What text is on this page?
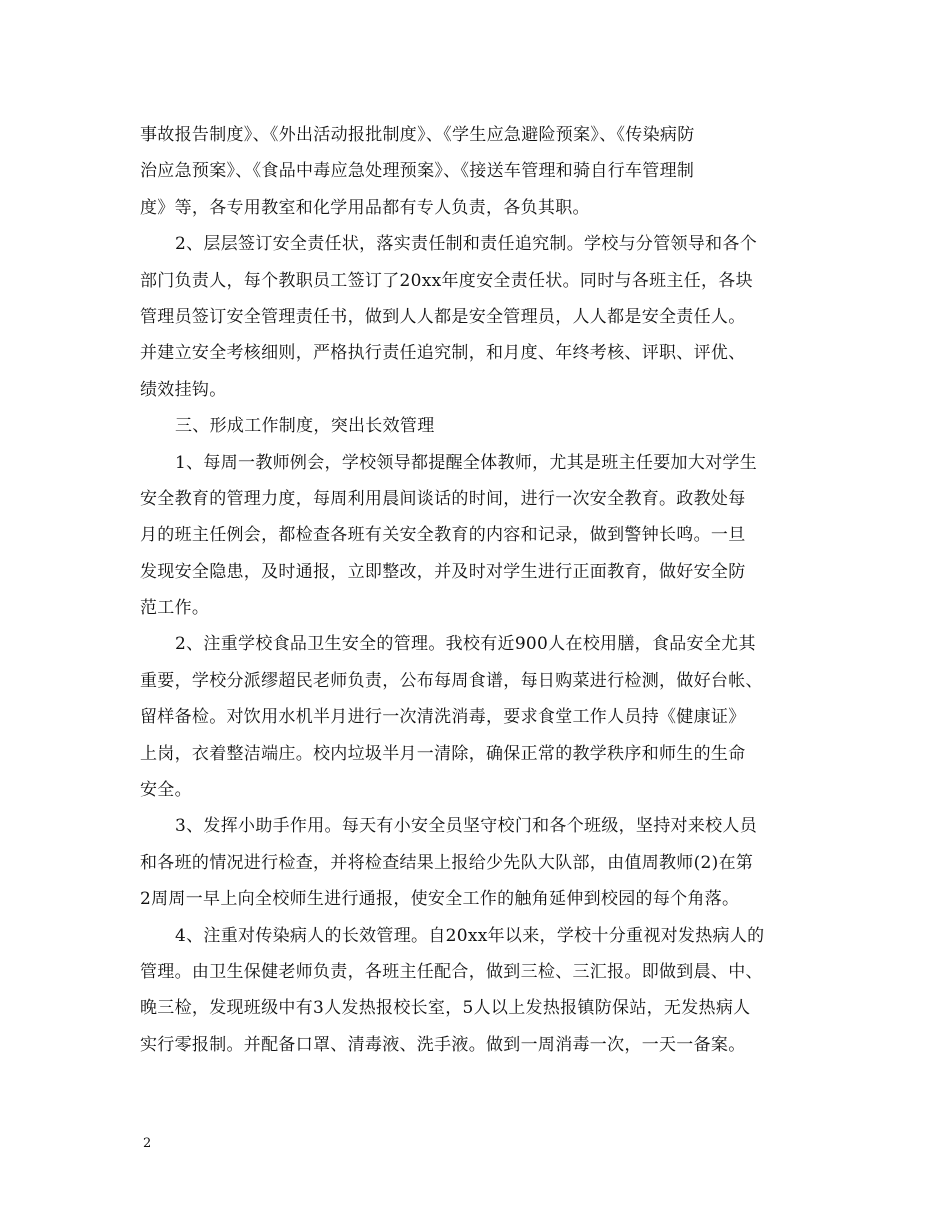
事故报告制度》、《外出活动报批制度》、《学生应急避险预案》、《传染病防
治应急预案》、《食品中毒应急处理预案》、《接送车管理和骑自行车管理制
度》等，各专用教室和化学用品都有专人负责，各负其职。
2、层层签订安全责任状，落实责任制和责任追究制。学校与分管领导和各个
部门负责人，每个教职员工签订了20xx年度安全责任状。同时与各班主任，各块
管理员签订安全管理责任书，做到人人都是安全管理员，人人都是安全责任人。
并建立安全考核细则，严格执行责任追究制，和月度、年终考核、评职、评优、
绩效挂钩。
三、形成工作制度，突出长效管理
1、每周一教师例会，学校领导都提醒全体教师，尤其是班主任要加大对学生
安全教育的管理力度，每周利用晨间谈话的时间，进行一次安全教育。政教处每
月的班主任例会，都检查各班有关安全教育的内容和记录，做到警钟长鸣。一旦
发现安全隐患，及时通报，立即整改，并及时对学生进行正面教育，做好安全防
范工作。
2、注重学校食品卫生安全的管理。我校有近900人在校用膳，食品安全尤其
重要，学校分派缪超民老师负责，公布每周食谱，每日购菜进行检测，做好台帐、
留样备检。对饮用水机半月进行一次清洗消毒，要求食堂工作人员持《健康证》
上岗，衣着整洁端庄。校内垃圾半月一清除，确保正常的教学秩序和师生的生命
安全。
3、发挥小助手作用。每天有小安全员坚守校门和各个班级，坚持对来校人员
和各班的情况进行检查，并将检查结果上报给少先队大队部，由值周教师(2)在第
2周周一早上向全校师生进行通报，使安全工作的触角延伸到校园的每个角落。
4、注重对传染病人的长效管理。自20xx年以来，学校十分重视对发热病人的
管理。由卫生保健老师负责，各班主任配合，做到三检、三汇报。即做到晨、中、
晚三检，发现班级中有3人发热报校长室，5人以上发热报镇防保站，无发热病人
实行零报制。并配备口罩、清毒液、洗手液。做到一周消毒一次，一天一备案。
2
